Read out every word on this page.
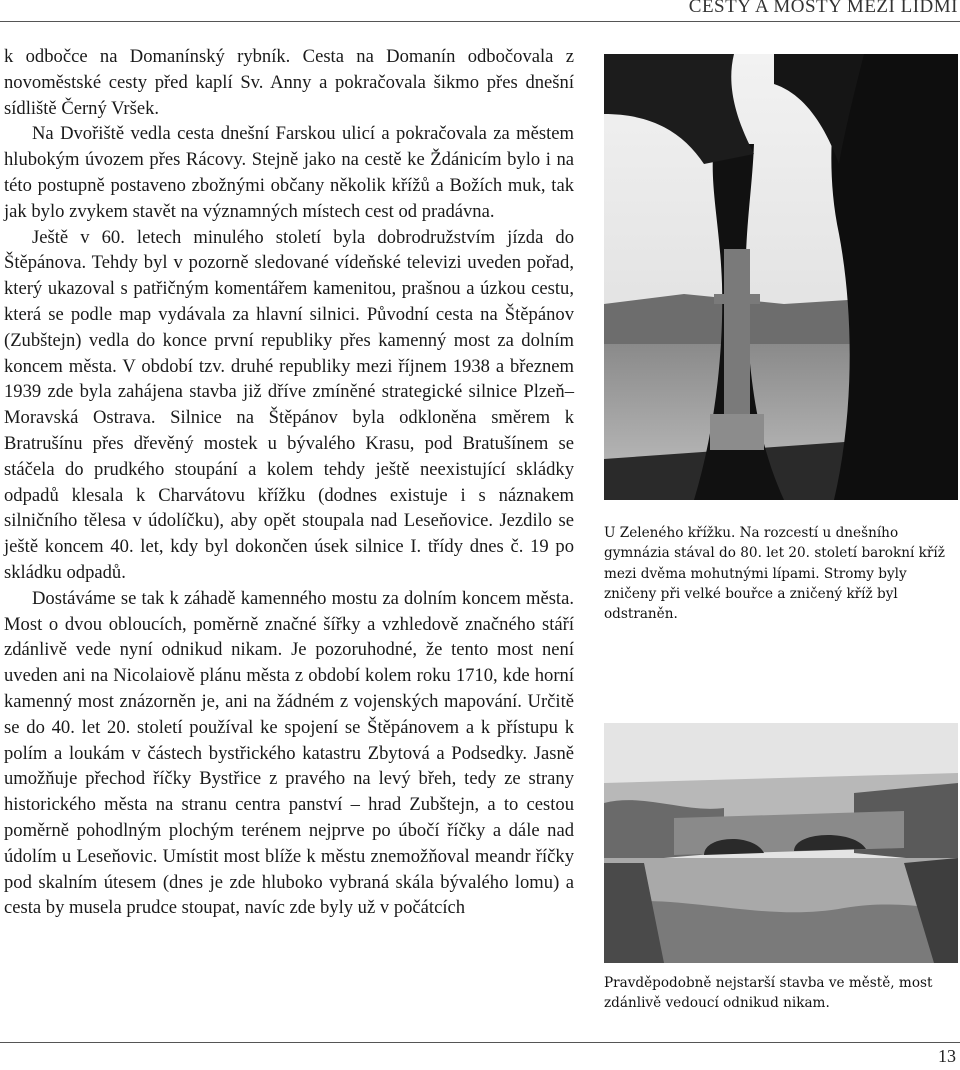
CESTY A MOSTY MEZI LIDMI

k odbočce na Domanínský rybník. Cesta na Domanín odbočovala z novoměstské cesty před kaplí Sv. Anny a pokračovala šikmo přes dnešní sídliště Černý Vršek.

Na Dvořiště vedla cesta dnešní Farskou ulicí a pokračovala za městem hlubokým úvozem přes Rácovy. Stejně jako na cestě ke Ždánicím bylo i na této postupně postaveno zbožnými občany několik křížů a Božích muk, tak jak bylo zvykem stavět na významných místech cest od pradávna.

Ještě v 60. letech minulého století byla dobrodružstvím jízda do Štěpánova. Tehdy byl v pozorně sledované vídeňské televizi uveden pořad, který ukazoval s patřičným komentářem kamenitou, prašnou a úzkou cestu, která se podle map vydávala za hlavní silnici. Původní cesta na Štěpánov (Zubštejn) vedla do konce první republiky přes kamenný most za dolním koncem města. V období tzv. druhé republiky mezi říjnem 1938 a březnem 1939 zde byla zahájena stavba již dříve zmíněné strategické silnice Plzeň–Moravská Ostrava. Silnice na Štěpánov byla odkloněna směrem k Bratrušínu přes dřevěný mostek u bývalého Krasu, pod Bratušínem se stáčela do prudkého stoupání a kolem tehdy ještě neexistující skládky odpadů klesala k Charvátovu křížku (dodnes existuje i s náznakem silničního tělesa v údolíčku), aby opět stoupala nad Leseňovice. Jezdilo se ještě koncem 40. let, kdy byl dokončen úsek silnice I. třídy dnes č. 19 po skládku odpadů.

Dostáváme se tak k záhadě kamenného mostu za dolním koncem města. Most o dvou obloucích, poměrně značné šířky a vzhledově značného stáří zdánlivě vede nyní odnikud nikam. Je pozoruhodné, že tento most není uveden ani na Nicolaiově plánu města z období kolem roku 1710, kde horní kamenný most znázorněn je, ani na žádném z vojenských mapování. Určitě se do 40. let 20. století používal ke spojení se Štěpánovem a k přístupu k polím a loukám v částech bystřického katastru Zbytová a Podsedky. Jasně umožňuje přechod říčky Bystřice z pravého na levý břeh, tedy ze strany historického města na stranu centra panství – hrad Zubštejn, a to cestou poměrně pohodlným plochým terénem nejprve po úbočí říčky a dále nad údolím u Leseňovic. Umístit most blíže k městu znemožňoval meandr říčky pod skalním útesem (dnes je zde hluboko vybraná skála bývalého lomu) a cesta by musela prudce stoupat, navíc zde byly už v počátcích

U Zeleného křížku. Na rozcestí u dnešního gymnázia stával do 80. let 20. století barokní kříž mezi dvěma mohutnými lípami. Stromy byly zničeny při velké bouřce a zničený kříž byl odstraněn.
Pravděpodobně nejstarší stavba ve městě, most zdánlivě vedoucí odnikud nikam.
13
